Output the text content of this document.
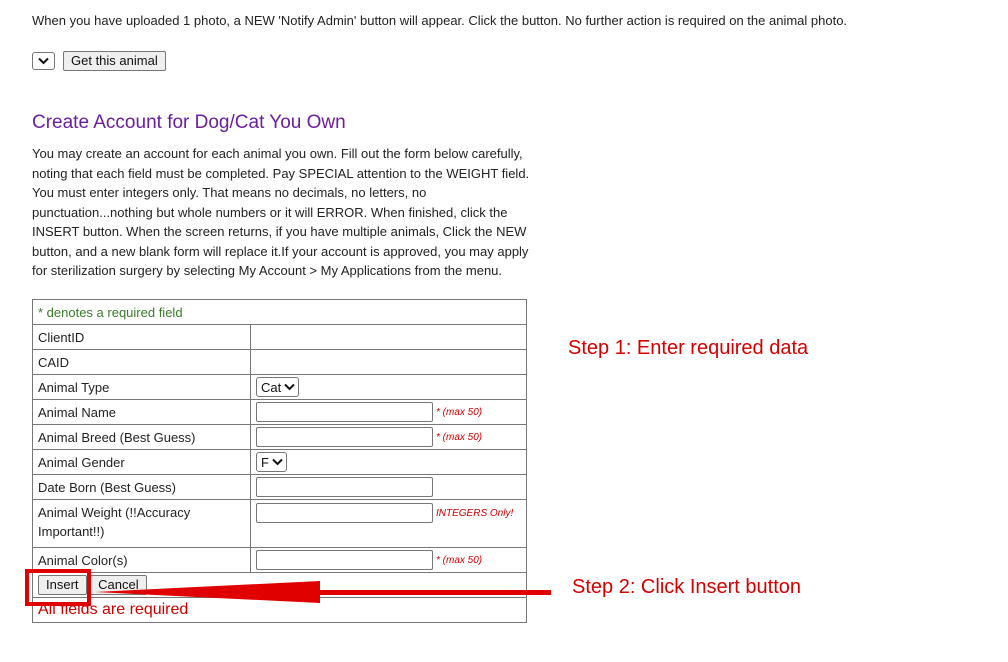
When you have uploaded 1 photo, a NEW 'Notify Admin' button will appear. Click the button. No further action is required on the animal photo.
Get this animal
Create Account for Dog/Cat You Own

You may create an account for each animal you own. Fill out the form below carefully, noting that each field must be completed. Pay SPECIAL attention to the WEIGHT field. You must enter integers only. That means no decimals, no letters, no punctuation...nothing but whole numbers or it will ERROR. When finished, click the INSERT button. When the screen returns, if you have multiple animals, Click the NEW button, and a new blank form will replace it.If your account is approved, you may apply for sterilization surgery by selecting My Account > My Applications from the menu.

* denotes a required field	
ClientID	
CAID	
Animal Type	Cat

Animal Name	* (max 50)
Animal Breed (Best Guess)	* (max 50)
Animal Gender	F

Date Born (Best Guess)	
Animal Weight (!!Accuracy Important!!)	INTEGERS Only!
Animal Color(s)	* (max 50)
Insert Cancel	
All fields are required	
Step 1: Enter required data
Step 2: Click Insert button
